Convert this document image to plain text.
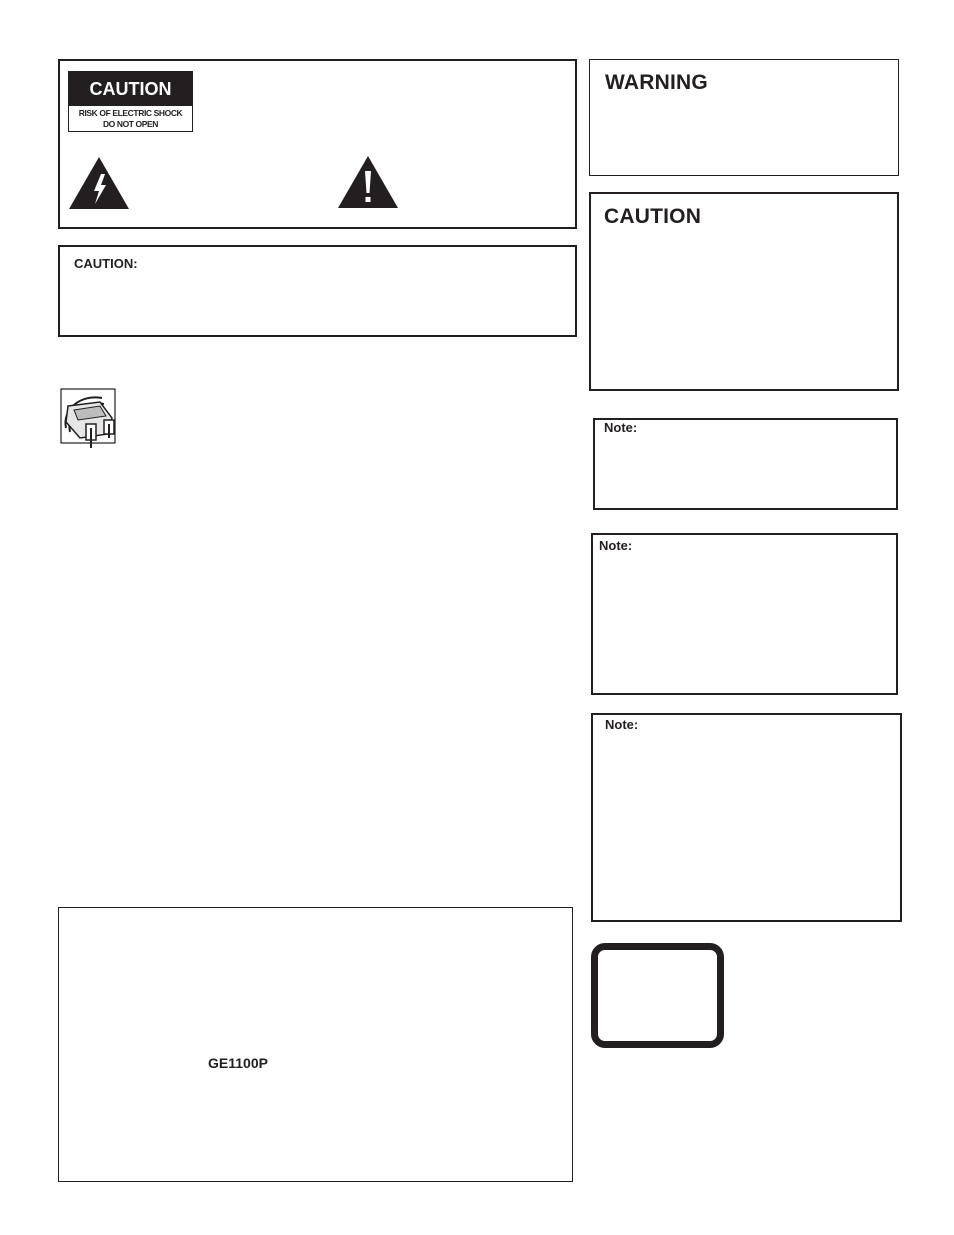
CAUTION
RISK OF ELECTRIC SHOCK
DO NOT OPEN
CAUTION:
GE1100P
WARNING
CAUTION
Note:
Note:
Note:
